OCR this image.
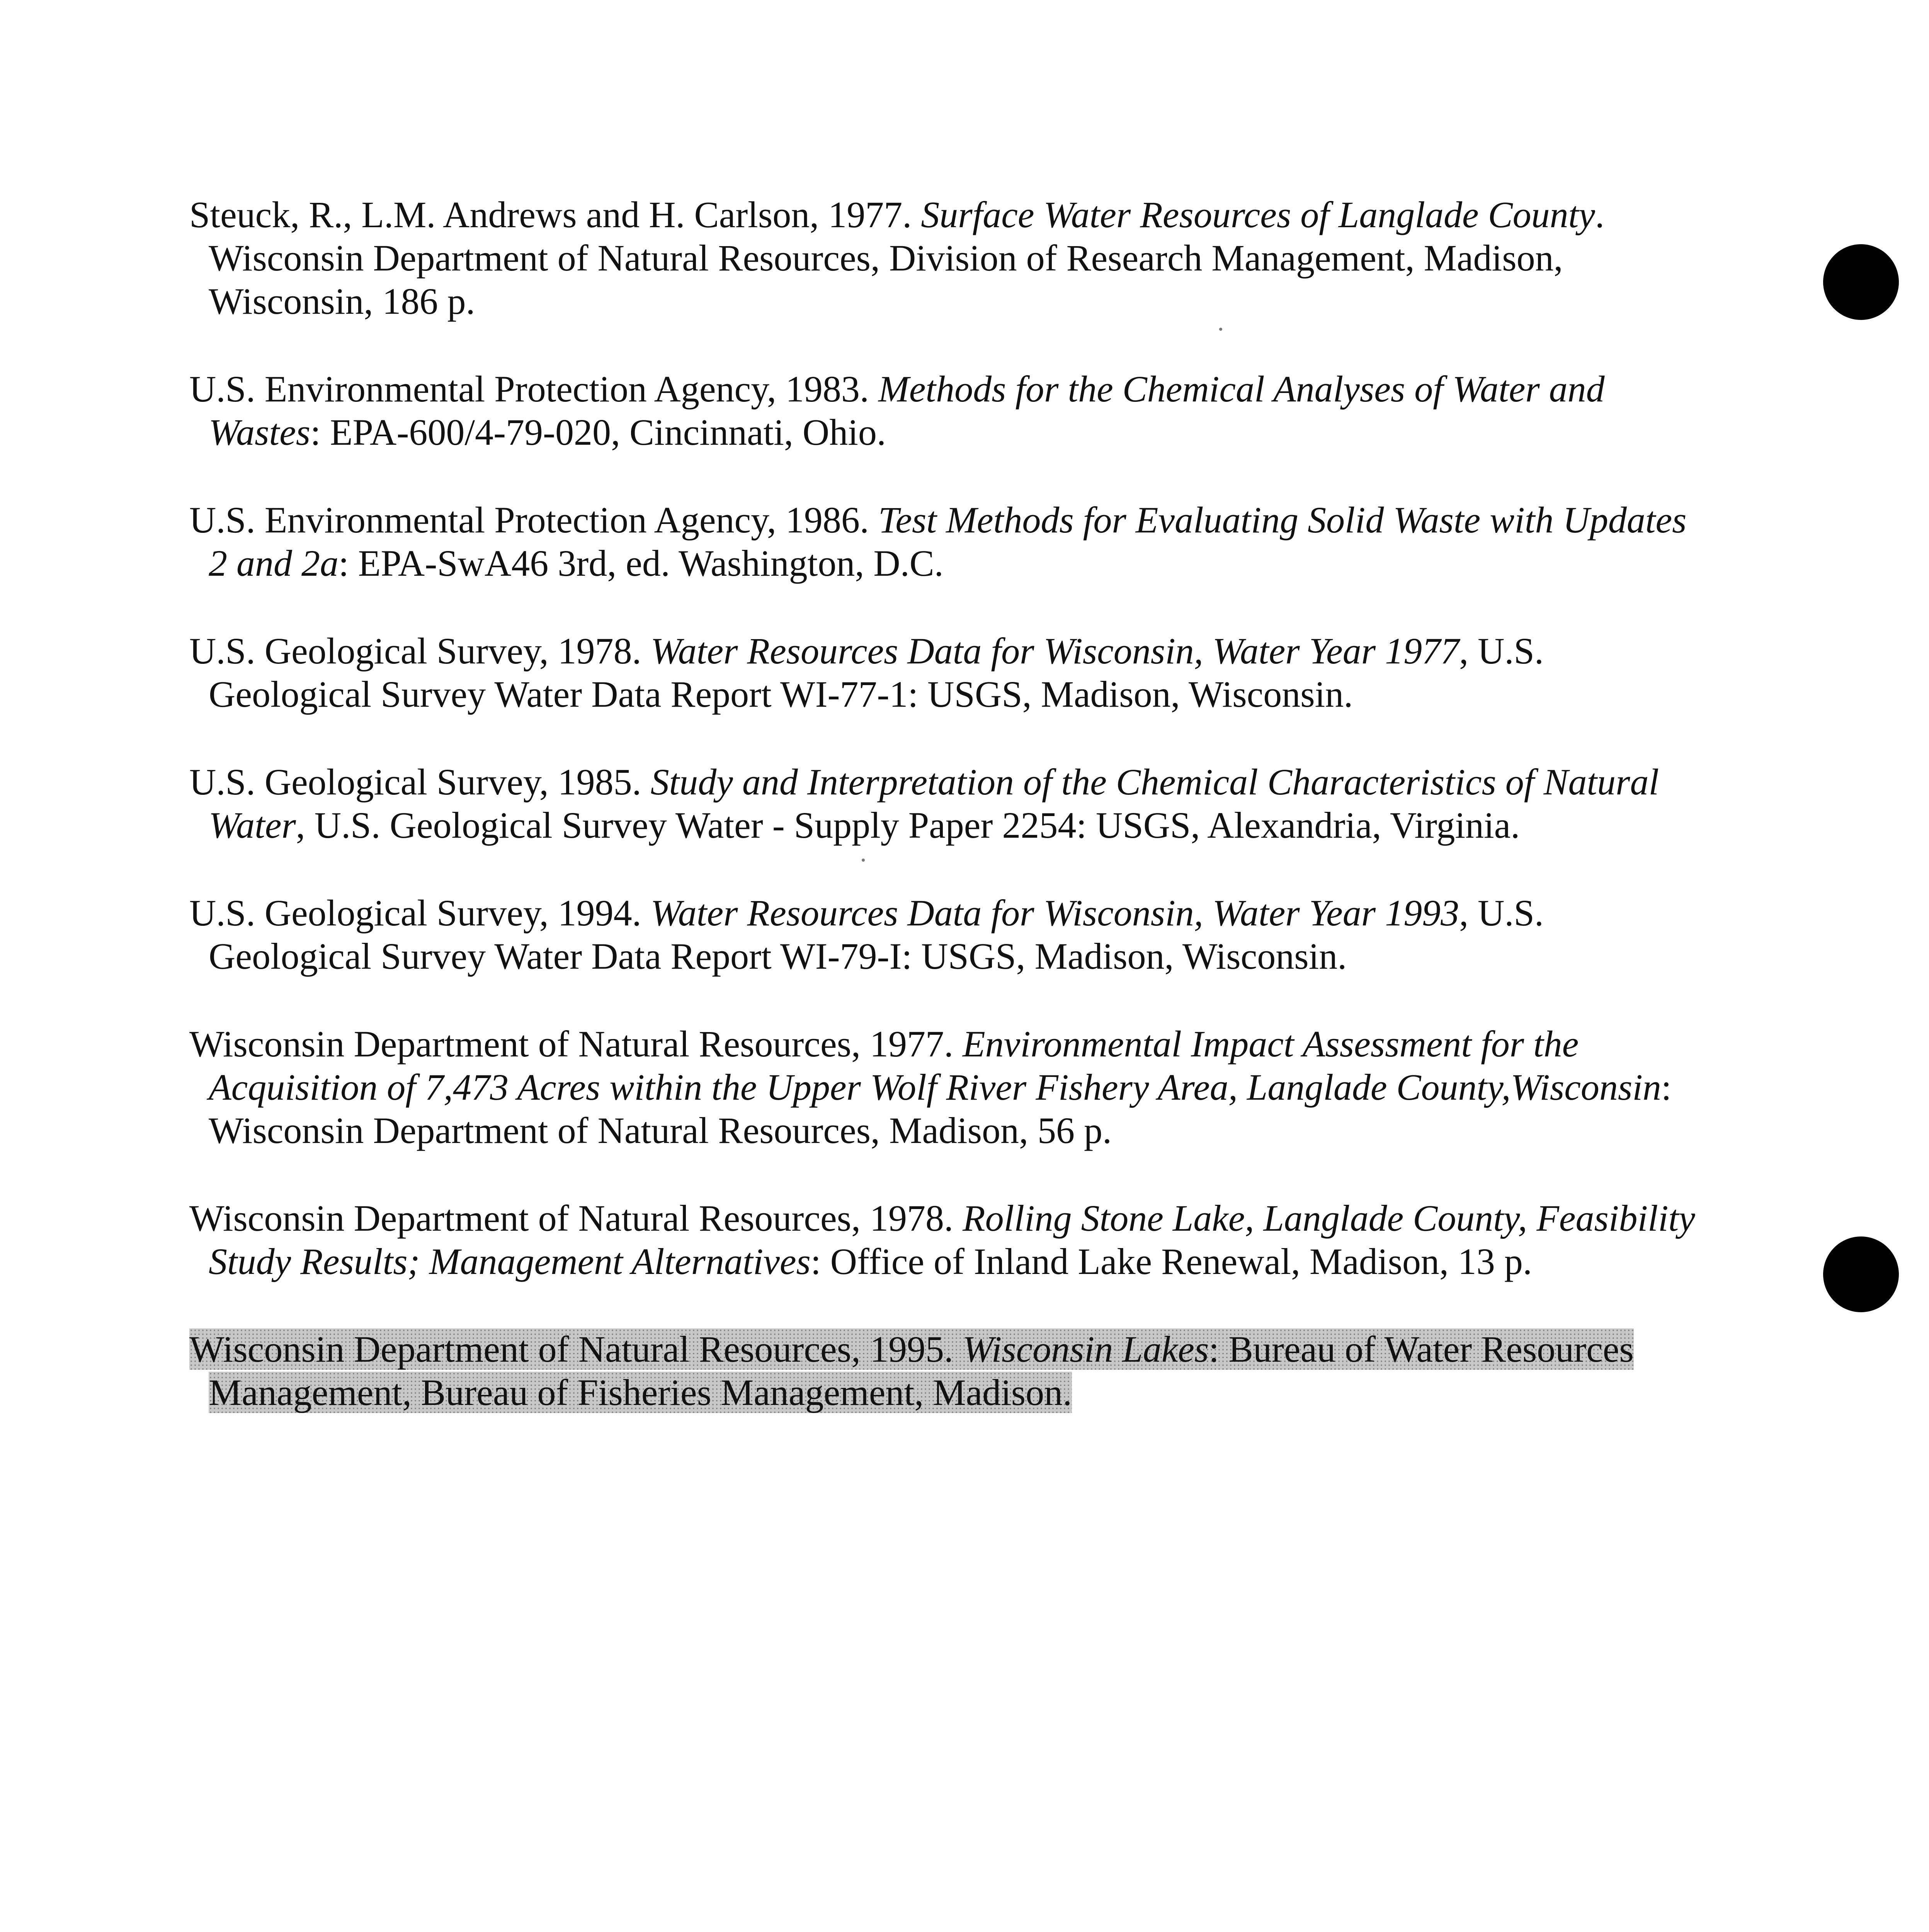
Steuck, R., L.M. Andrews and H. Carlson, 1977. Surface Water Resources of Langlade County. Wisconsin Department of Natural Resources, Division of Research Management, Madison, Wisconsin, 186 p.

U.S. Environmental Protection Agency, 1983. Methods for the Chemical Analyses of Water and Wastes: EPA-600/4-79-020, Cincinnati, Ohio.

U.S. Environmental Protection Agency, 1986. Test Methods for Evaluating Solid Waste with Updates 2 and 2a: EPA-SwA46 3rd, ed. Washington, D.C.

U.S. Geological Survey, 1978. Water Resources Data for Wisconsin, Water Year 1977, U.S. Geological Survey Water Data Report WI-77-1: USGS, Madison, Wisconsin.

U.S. Geological Survey, 1985. Study and Interpretation of the Chemical Characteristics of Natural Water, U.S. Geological Survey Water - Supply Paper 2254: USGS, Alexandria, Virginia.

U.S. Geological Survey, 1994. Water Resources Data for Wisconsin, Water Year 1993, U.S. Geological Survey Water Data Report WI-79-I: USGS, Madison, Wisconsin.

Wisconsin Department of Natural Resources, 1977. Environmental Impact Assessment for the Acquisition of 7,473 Acres within the Upper Wolf River Fishery Area, Langlade County,Wisconsin: Wisconsin Department of Natural Resources, Madison, 56 p.

Wisconsin Department of Natural Resources, 1978. Rolling Stone Lake, Langlade County, Feasibility Study Results; Management Alternatives: Office of Inland Lake Renewal, Madison, 13 p.

Wisconsin Department of Natural Resources, 1995. Wisconsin Lakes: Bureau of Water Resources Management, Bureau of Fisheries Management, Madison.
